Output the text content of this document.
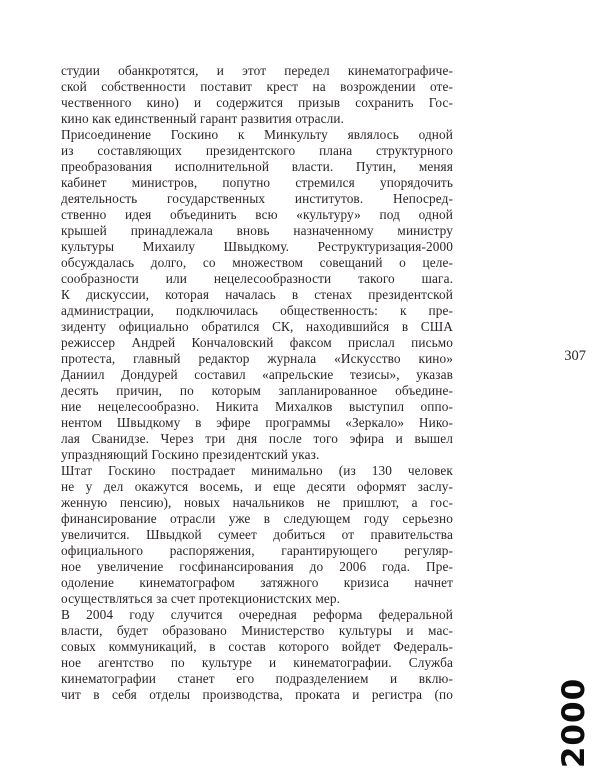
студии обанкротятся, и этот передел кинематографиче-
ской собственности поставит крест на возрождении оте-
чественного кино) и содержится призыв сохранить Гос-
кино как единственный гарант развития отрасли.
Присоединение Госкино к Минкульту являлось одной
из составляющих президентского плана структурного
преобразования исполнительной власти. Путин, меняя
кабинет министров, попутно стремился упорядочить
деятельность государственных институтов. Непосред-
ственно идея объединить всю «культуру» под одной
крышей принадлежала вновь назначенному министру
культуры Михаилу Швыдкому. Реструктуризация-2000
обсуждалась долго, со множеством совещаний о целе-
сообразности или нецелесообразности такого шага.
К дискуссии, которая началась в стенах президентской
администрации, подключилась общественность: к пре-
зиденту официально обратился СК, находившийся в США
режиссер Андрей Кончаловский факсом прислал письмо
протеста, главный редактор журнала «Искусство кино»
Даниил Дондурей составил «апрельские тезисы», указав
десять причин, по которым запланированное объедине-
ние нецелесообразно. Никита Михалков выступил оппо-
нентом Швыдкому в эфире программы «Зеркало» Нико-
лая Сванидзе. Через три дня после того эфира и вышел
упраздняющий Госкино президентский указ.
Штат Госкино пострадает минимально (из 130 человек
не у дел окажутся восемь, и еще десяти оформят заслу-
женную пенсию), новых начальников не пришлют, а гос-
финансирование отрасли уже в следующем году серьезно
увеличится. Швыдкой сумеет добиться от правительства
официального распоряжения, гарантирующего регуляр-
ное увеличение госфинансирования до 2006 года. Пре-
одоление кинематографом затяжного кризиса начнет
осуществляться за счет протекционистских мер.
В 2004 году случится очередная реформа федеральной
власти, будет образовано Министерство культуры и мас-
совых коммуникаций, в состав которого войдет Федераль-
ное агентство по культуре и кинематографии. Служба
кинематографии станет его подразделением и вклю-
чит в себя отделы производства, проката и регистра (по
307
2000
